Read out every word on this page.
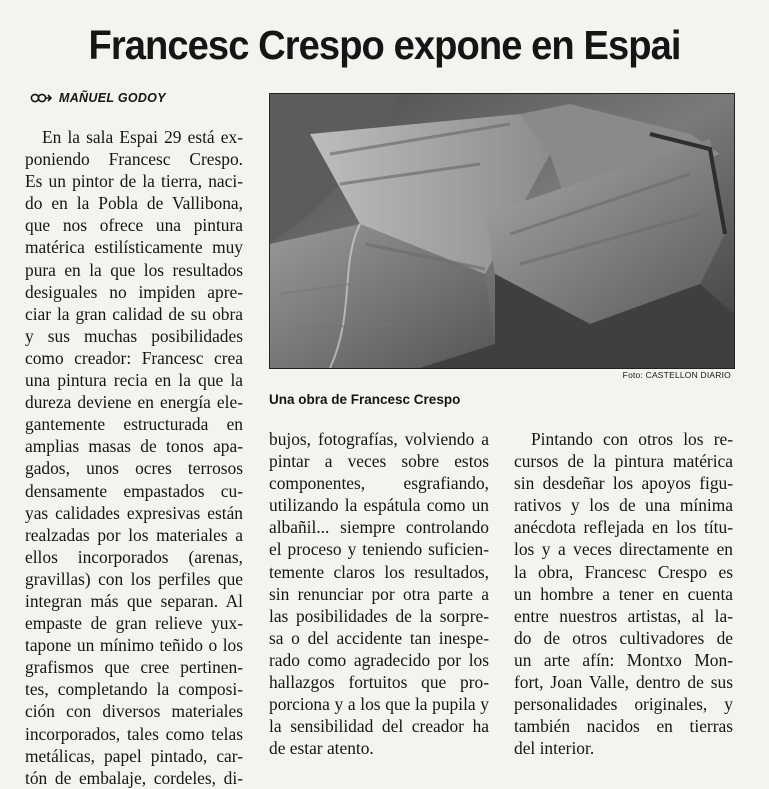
Francesc Crespo expone en Espai
MAÑUEL GODOY
En la sala Espai 29 está ex-
poniendo Francesc Crespo.
Es un pintor de la tierra, naci-
do en la Pobla de Vallibona,
que nos ofrece una pintura
matérica estilísticamente muy
pura en la que los resultados
desiguales no impiden apre-
ciar la gran calidad de su obra
y sus muchas posibilidades
como creador: Francesc crea
una pintura recia en la que la
dureza deviene en energía ele-
gantemente estructurada en
amplias masas de tonos apa-
gados, unos ocres terrosos
densamente empastados cu-
yas calidades expresivas están
realzadas por los materiales a
ellos incorporados (arenas,
gravillas) con los perfiles que
integran más que separan. Al
empaste de gran relieve yux-
tapone un mínimo teñido o los
grafismos que cree pertinen-
tes, completando la composi-
ción con diversos materiales
incorporados, tales como telas
metálicas, papel pintado, car-
tón de embalaje, cordeles, di-
Foto: CASTELLON DIARIO
Una obra de Francesc Crespo
bujos, fotografías, volviendo a
pintar a veces sobre estos
componentes, esgrafiando,
utilizando la espátula como un
albañil... siempre controlando
el proceso y teniendo suficien-
temente claros los resultados,
sin renunciar por otra parte a
las posibilidades de la sorpre-
sa o del accidente tan inespe-
rado como agradecido por los
hallazgos fortuitos que pro-
porciona y a los que la pupila y
la sensibilidad del creador ha
de estar atento.
Pintando con otros los re-
cursos de la pintura matérica
sin desdeñar los apoyos figu-
rativos y los de una mínima
anécdota reflejada en los títu-
los y a veces directamente en
la obra, Francesc Crespo es
un hombre a tener en cuenta
entre nuestros artistas, al la-
do de otros cultivadores de
un arte afín: Montxo Mon-
fort, Joan Valle, dentro de sus
personalidades originales, y
también nacidos en tierras
del interior.
